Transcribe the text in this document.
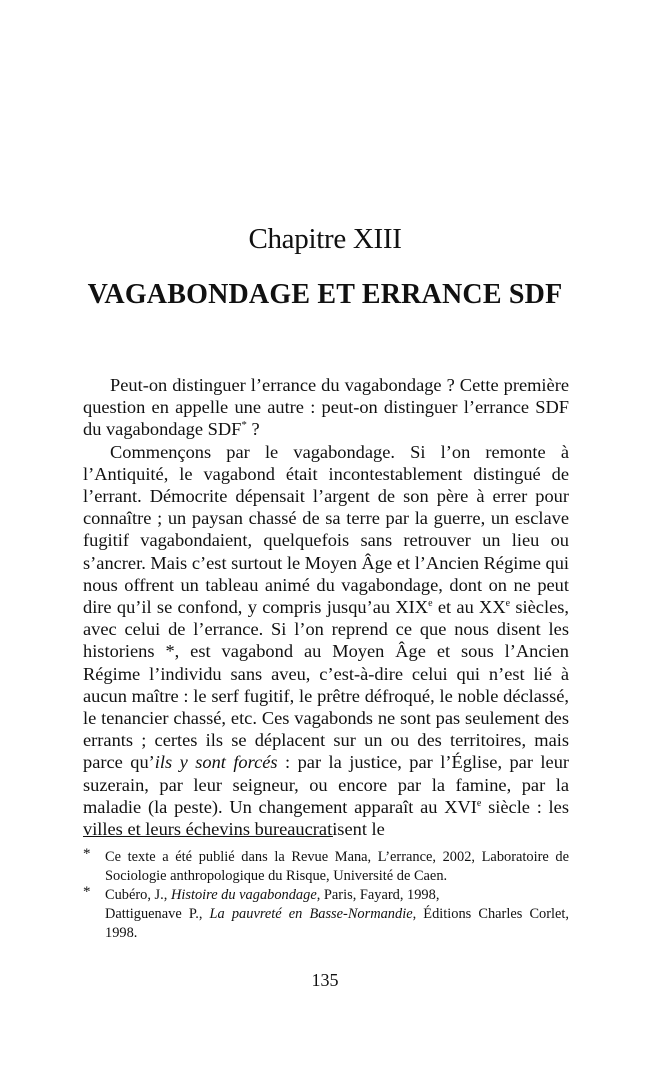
Chapitre XIII
VAGABONDAGE ET ERRANCE SDF

Peut-on distinguer l’errance du vagabondage ? Cette première question en appelle une autre : peut-on distinguer l’errance SDF du vagabondage SDF* ?

Commençons par le vagabondage. Si l’on remonte à l’Antiquité, le vagabond était incontestablement distingué de l’errant. Démocrite dépensait l’argent de son père à errer pour connaître ; un paysan chassé de sa terre par la guerre, un esclave fugitif vagabondaient, quelquefois sans retrouver un lieu ou s’ancrer. Mais c’est surtout le Moyen Âge et l’Ancien Régime qui nous offrent un tableau animé du vagabondage, dont on ne peut dire qu’il se confond, y compris jusqu’au XIXe et au XXe siècles, avec celui de l’errance. Si l’on reprend ce que nous disent les historiens *, est vagabond au Moyen Âge et sous l’Ancien Régime l’individu sans aveu, c’est-à-dire celui qui n’est lié à aucun maître : le serf fugitif, le prêtre défroqué, le noble déclassé, le tenancier chassé, etc. Ces vagabonds ne sont pas seulement des errants ; certes ils se déplacent sur un ou des territoires, mais parce qu’ils y sont forcés : par la justice, par l’Église, par leur suzerain, par leur seigneur, ou encore par la famine, par la maladie (la peste). Un changement apparaît au XVIe siècle : les villes et leurs échevins bureaucratisent le

* Ce texte a été publié dans la Revue Mana, L’errance, 2002, Laboratoire de Sociologie anthropologique du Risque, Université de Caen.

* Cubéro, J., Histoire du vagabondage, Paris, Fayard, 1998,
Dattiguenave P., La pauvreté en Basse-Normandie, Éditions Charles Corlet, 1998.

135
